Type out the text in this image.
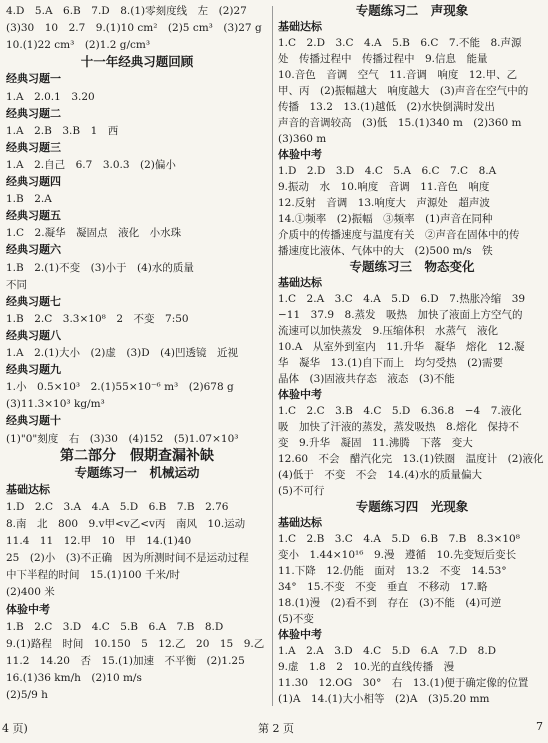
4.D　5.A　6.B　7.D　8.(1)零刻度线　左　(2)27
(3)30　10　2.7　9.(1)10 cm²　(2)5 cm³　(3)27 g
10.(1)22 cm³　(2)1.2 g/cm³
十一年经典习题回顾
经典习题一
1.A　2.0.1　3.20
经典习题二
1.A　2.B　3.B　1　西
经典习题三
1.A　2.自己　6.7　3.0.3　(2)偏小
经典习题四
1.B　2.A
经典习题五
1.C　2.凝华　凝固点　液化　小水珠
经典习题六
1.B　2.(1)不变　(3)小于　(4)水的质量
不同
经典习题七
1.B　2.C　3.3×10⁸　2　不变　7:50
经典习题八
1.A　2.(1)大小　(2)虚　(3)D　(4)凹透镜　近视
经典习题九
1.小　0.5×10³　2.(1)55×10⁻⁶ m³　(2)678 g
(3)11.3×10³ kg/m³
经典习题十
(1)"0"刻度　右　(3)30　(4)152　(5)1.07×10³
第二部分　假期查漏补缺
专题练习一　机械运动
基础达标
1.D　2.C　3.A　4.A　5.D　6.B　7.B　2.76
8.南　北　800　9.v甲<v乙<v丙　南风　10.运动
11.4　11　12.甲　10　甲　14.(1)40
25　(2)小　(3)不正确　因为所测时间不是运动过程
中下半程的时间　15.(1)100 千米/时
(2)400 米
体验中考
1.B　2.C　3.D　4.C　5.B　6.A　7.B　8.D
9.(1)路程　时间　10.150　5　12.乙　20　15　9.乙
11.2　14.20　否　15.(1)加速　不平衡　(2)1.25
16.(1)36 km/h　(2)10 m/s
(2)5/9 h
专题练习二　声现象
基础达标
1.C　2.D　3.C　4.A　5.B　6.C　7.不能　8.声源
处　传播过程中　传播过程中　9.信息　能量
10.音色　音调　空气　11.音调　响度　12.甲、乙
甲、丙　(2)振幅越大　响度越大　(3)声音在空气中的
传播　13.2　13.(1)越低　(2)水快倒满时发出
声音的音调较高　(3)低　15.(1)340 m　(2)360 m
(3)360 m
体验中考
1.D　2.D　3.D　4.C　5.A　6.C　7.C　8.A
9.振动　水　10.响度　音调　11.音色　响度
12.反射　音调　13.响度大　声源处　超声波
14.①频率　(2)振幅　③频率　(1)声音在同种
介质中的传播速度与温度有关　②声音在固体中的传
播速度比液体、气体中的大　(2)500 m/s　铁
专题练习三　物态变化
基础达标
1.C　2.A　3.C　4.A　5.D　6.D　7.热胀冷缩　39
−11　37.9　8.蒸发　吸热　加快了液面上方空气的
流速可以加快蒸发　9.压缩体积　水蒸气　液化
10.A　从室外到室内　11.升华　凝华　熔化　12.凝
华　凝华　13.(1)自下而上　均匀受热　(2)需要
晶体　(3)固液共存态　液态　(3)不能
体验中考
1.C　2.C　3.B　4.C　5.D　6.36.8　−4　7.液化
吸　加快了汗液的蒸发，蒸发吸热　8.熔化　保持不
变　9.升华　凝固　11.沸腾　下落　变大
12.60　不会　醋汽化完　13.(1)铁圈　温度计　(2)液化
(4)低于　不变　不会　14.(4)水的质量偏大
(5)不可行
专题练习四　光现象
基础达标
1.C　2.B　3.C　4.A　5.D　6.B　7.B　8.3×10⁸
变小　1.44×10¹⁶　9.漫　遵循　10.先变短后变长
11.下降　12.仍能　面对　13.2　不变　14.53°
34°　15.不变　不变　垂直　不移动　17.略
18.(1)漫　(2)看不到　存在　(3)不能　(4)可逆
(5)不变
体验中考
1.A　2.A　3.D　4.C　5.D　6.A　7.D　8.D
9.虚　1.8　2　10.光的直线传播　漫
11.30　12.OG　30°　右　13.(1)便于确定像的位置
(1)A　14.(1)大小相等　(2)A　(3)5.20 mm
4 页)	第 2 页	7
